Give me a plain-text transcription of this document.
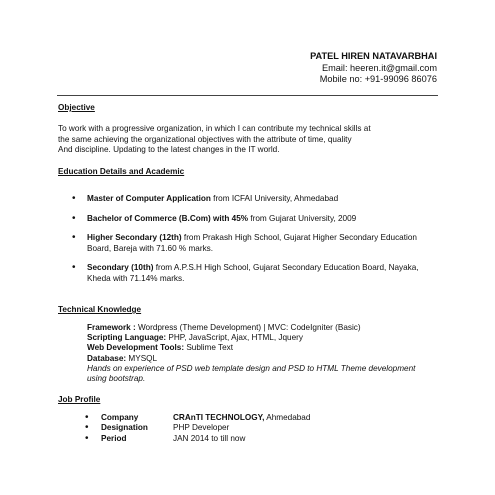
PATEL HIREN NATAVARBHAI
Email: heeren.it@gmail.com
Mobile no: +91-99096 86076
Objective
To work with a progressive organization, in which I can contribute my technical skills at
the same achieving the organizational objectives with the attribute of time, quality
And discipline. Updating to the latest changes in the IT world.
Education Details and Academic
• Master of Computer Application from ICFAI University, Ahmedabad
• Bachelor of Commerce (B.Com) with 45% from Gujarat University, 2009
• Higher Secondary (12th) from Prakash High School, Gujarat Higher Secondary Education Board, Bareja with 71.60 % marks.
• Secondary (10th) from A.P.S.H High School, Gujarat Secondary Education Board, Nayaka, Kheda with 71.14% marks.
Technical Knowledge
Framework : Wordpress (Theme Development) | MVC: CodeIgniter (Basic)
Scripting Language: PHP, JavaScript, Ajax, HTML, Jquery
Web Development Tools: Sublime Text
Database: MYSQL
Hands on experience of PSD web template design and PSD to HTML Theme development using bootstrap.
Job Profile
• Company	CRAnTI TECHNOLOGY, Ahmedabad
• Designation	PHP Developer
• Period	JAN 2014 to till now
